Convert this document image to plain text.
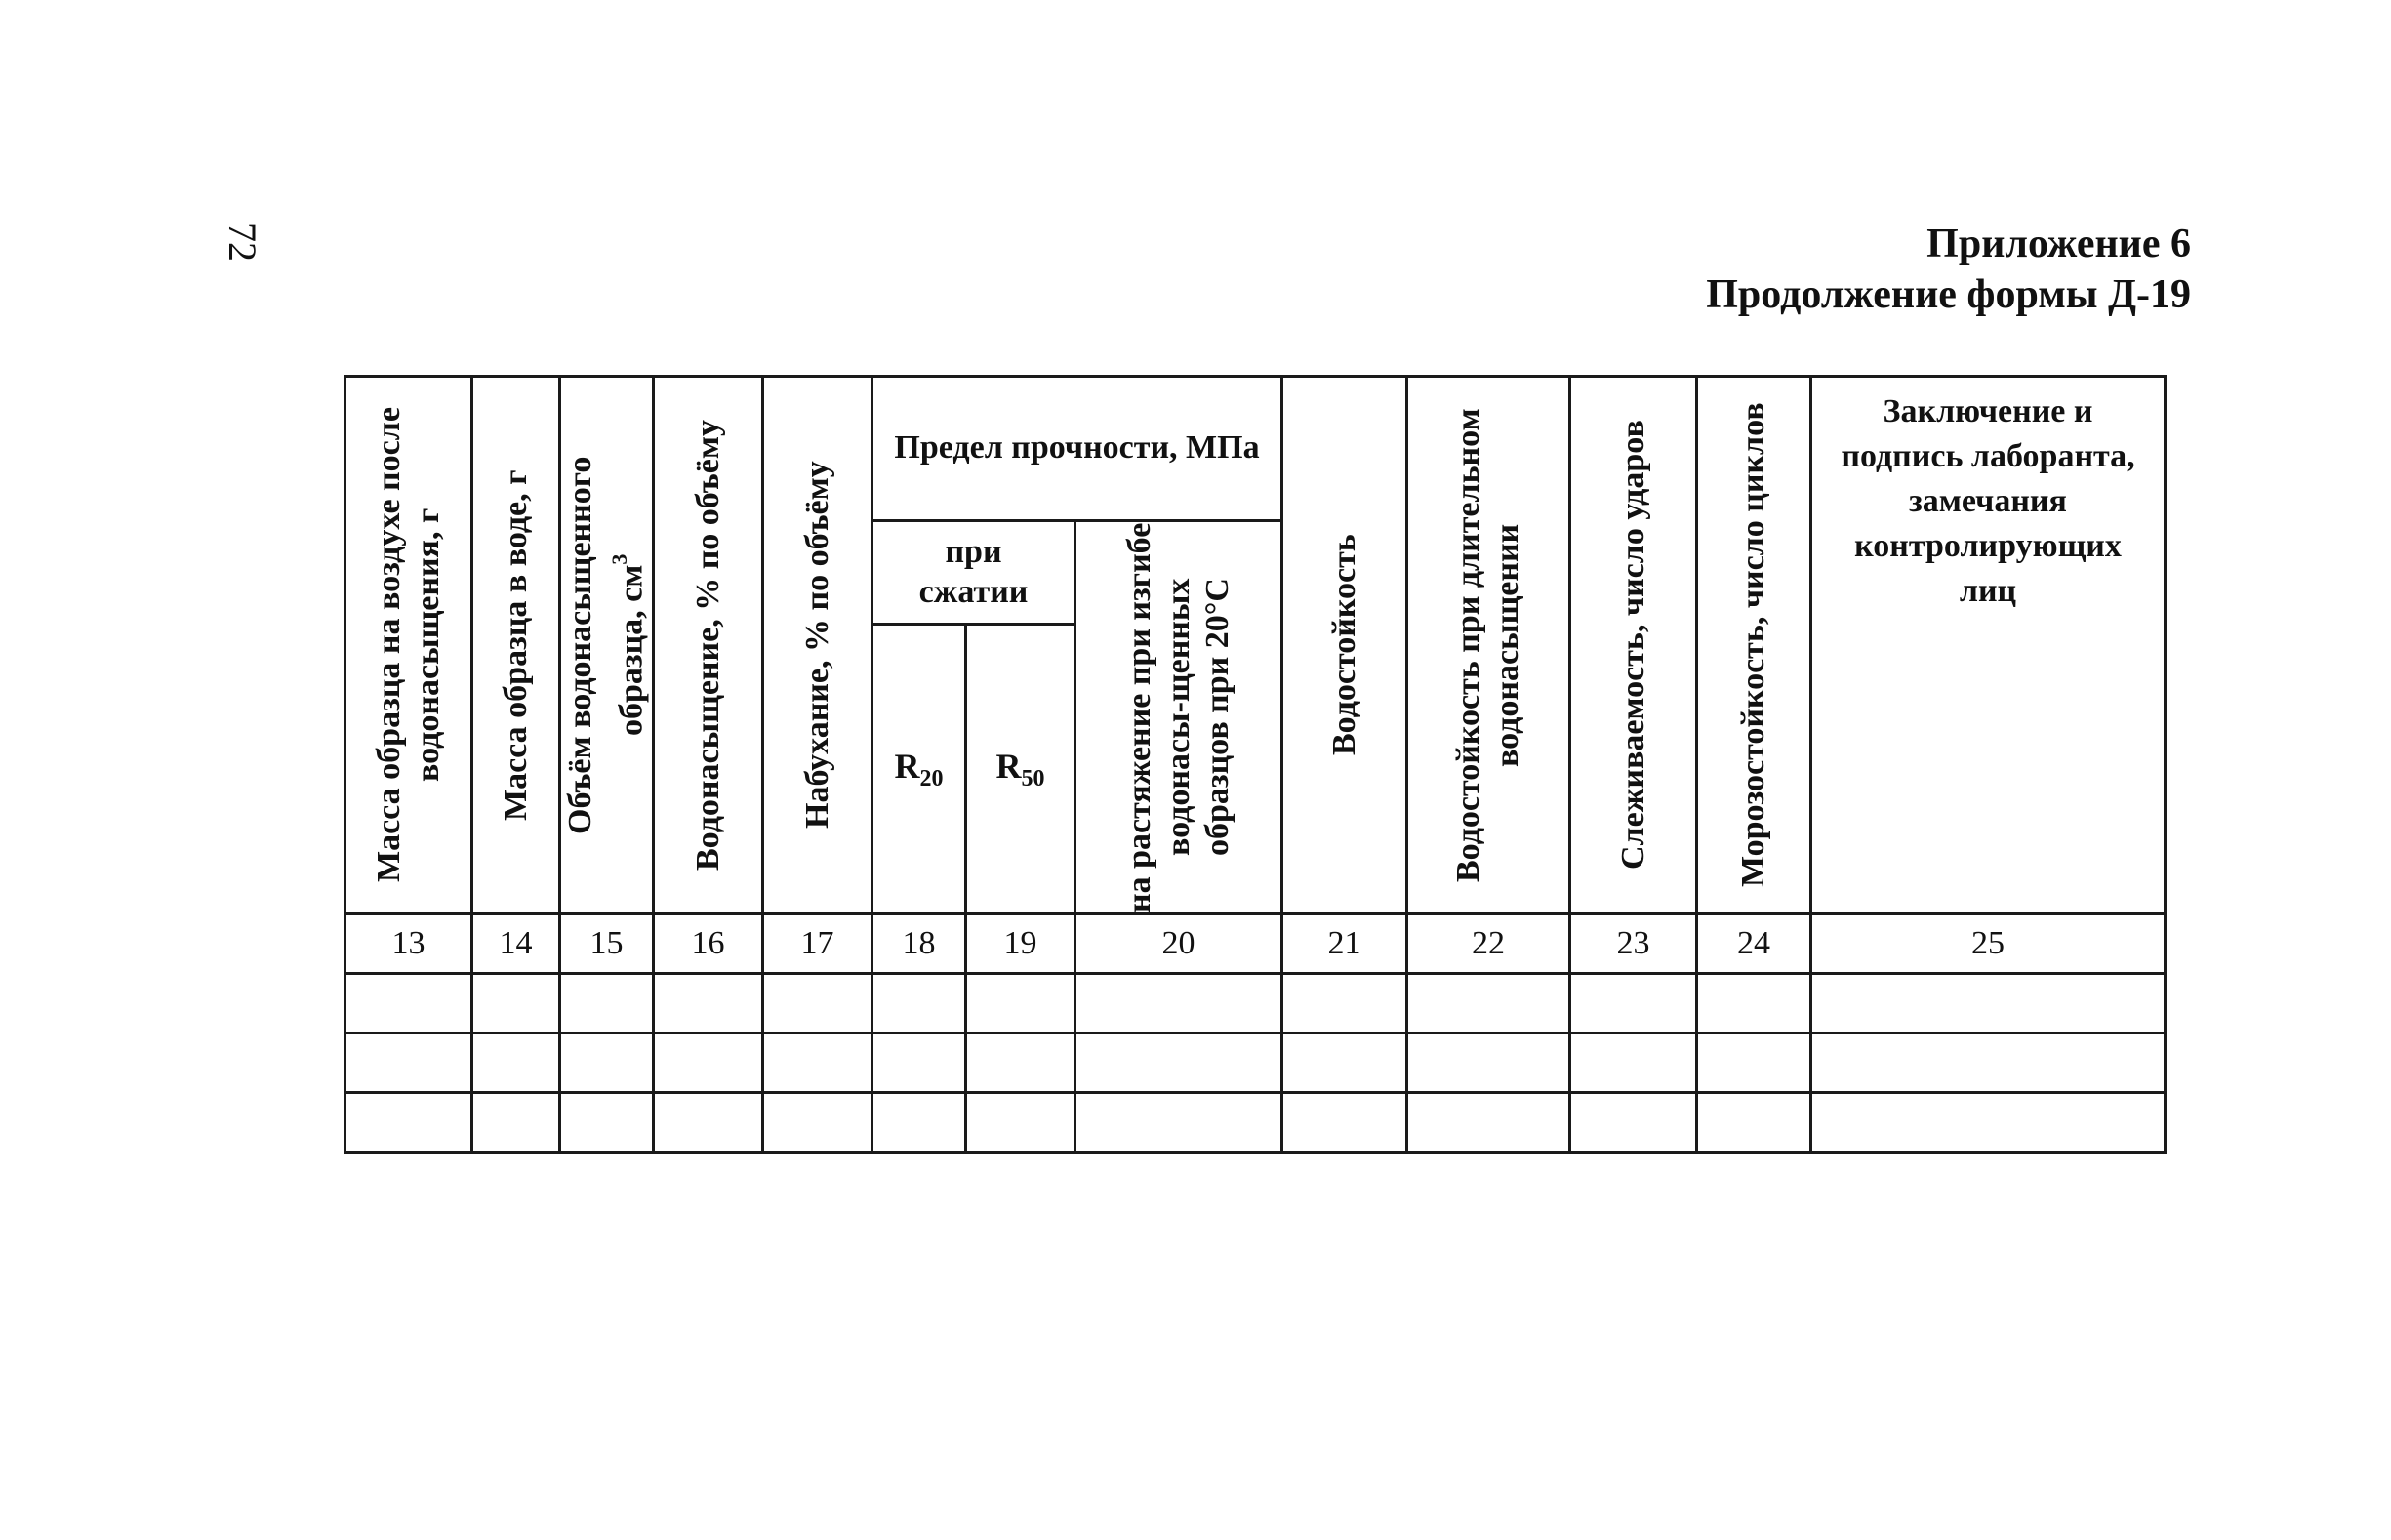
72	Приложение 6
Продолжение формы Д-19
Масса образца на воздухе после водонасыщения, г	Масса образца в воде, г	Объём водонасыщенного образца, $см^3$	Водонасыщение, % по объёму	Набухание, % по объёму	Предел прочности, МПа			Водостойкость	Водостойкость при длительном водонасыщении	Слеживаемость, число ударов	Морозостойкость, число циклов	Заключение и подпись лаборанта, замечания контролирующих лиц
					при сжатии		на растяжение при изгибе водонасы-щенных образцов при 20°С					

					$R_{20}$	$R_{50}$
13	14	15	16	17	18	19	20	21	22	23	24	25
